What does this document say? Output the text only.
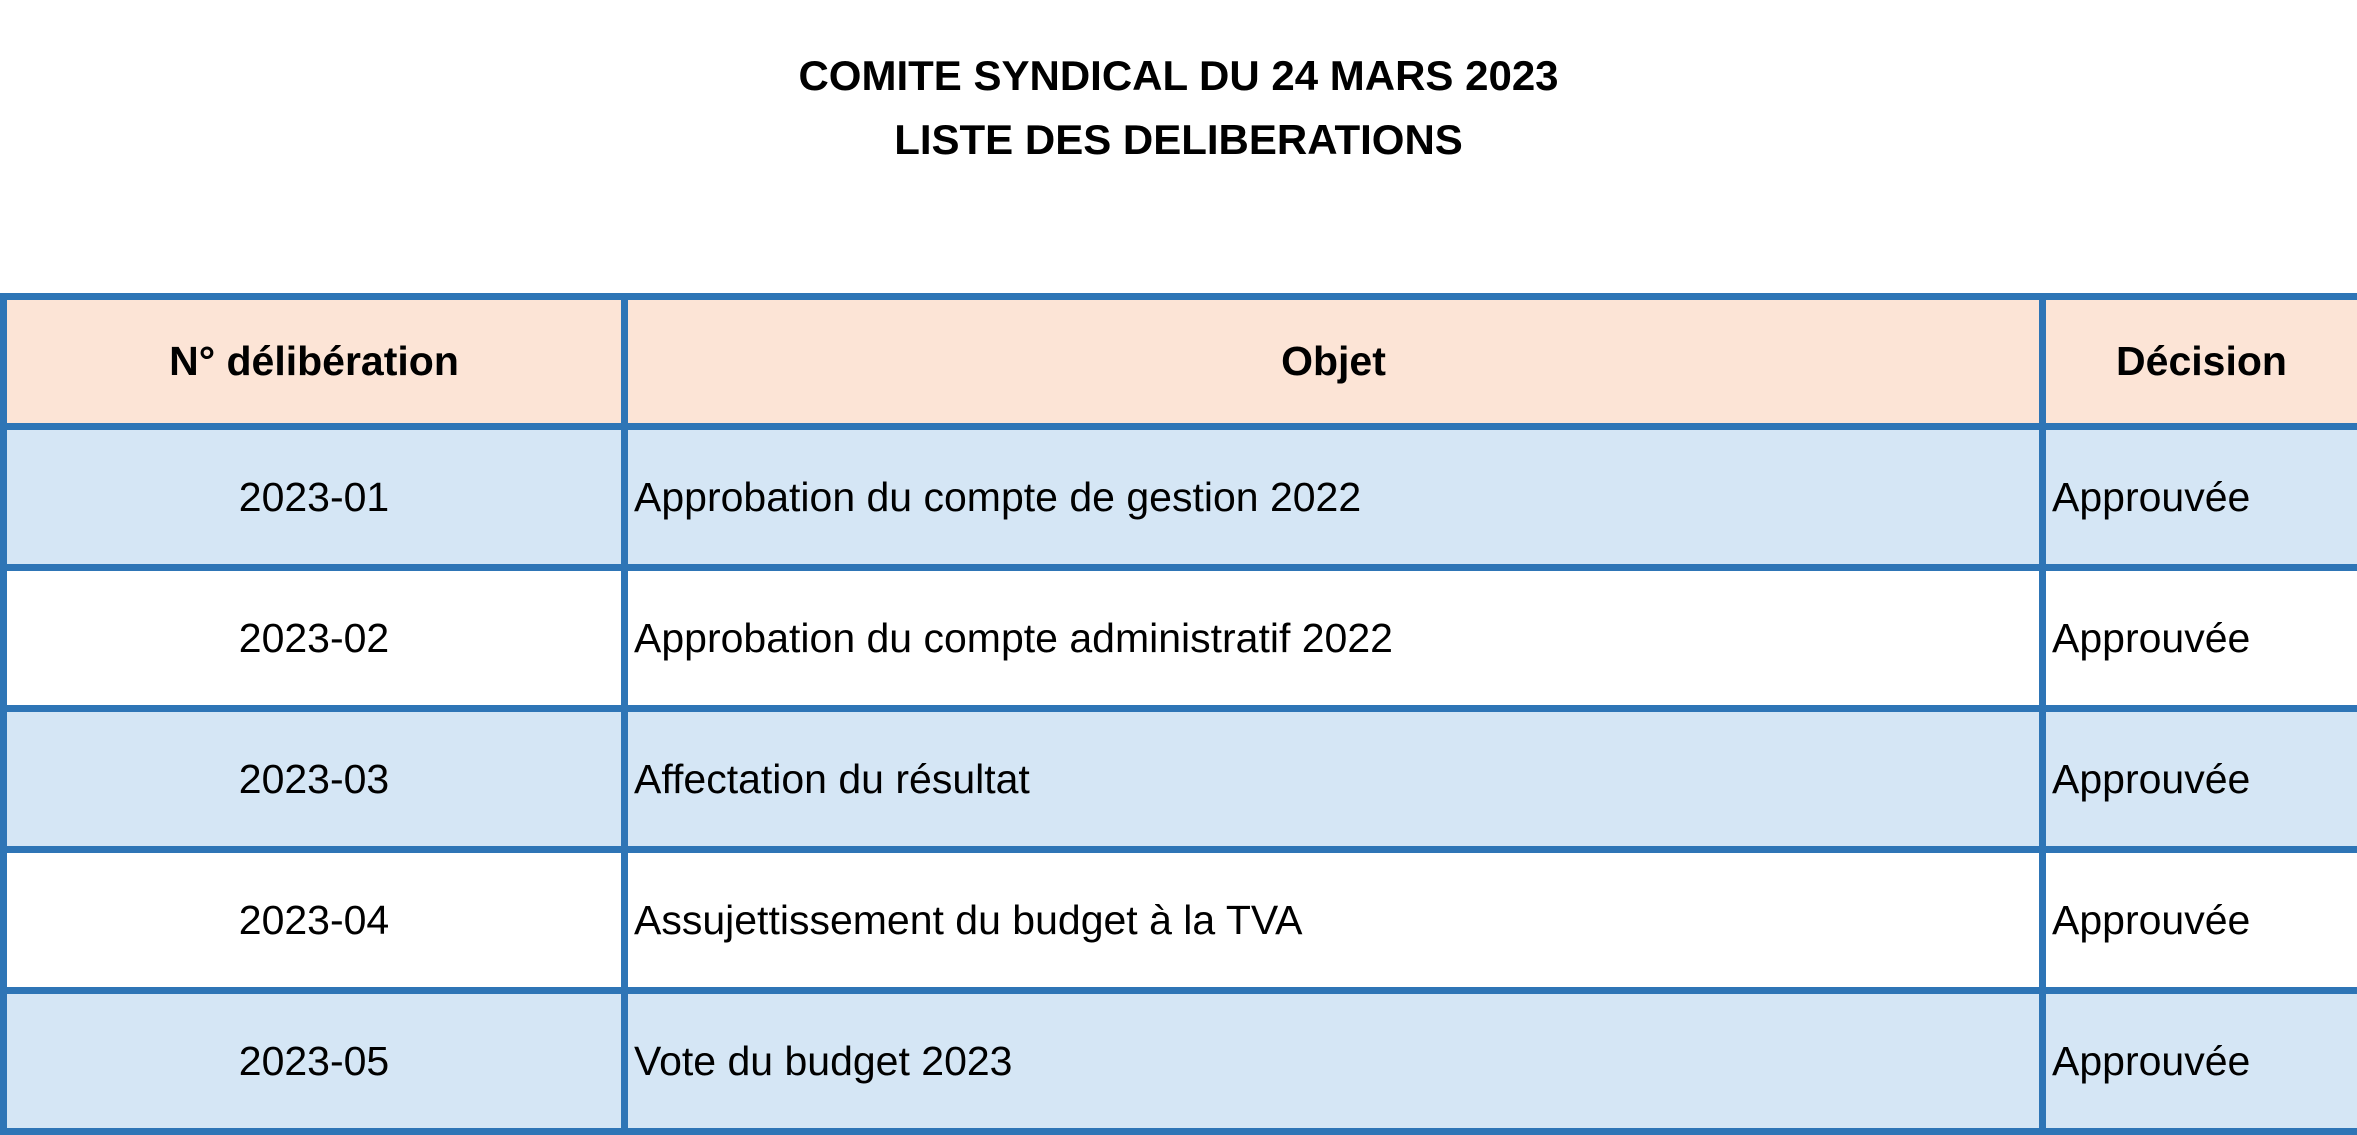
COMITE SYNDICAL DU 24 MARS 2023
LISTE DES DELIBERATIONS
N° délibération	Objet	Décision
2023-01	Approbation du compte de gestion 2022	Approuvée
2023-02	Approbation du compte administratif 2022	Approuvée
2023-03	Affectation du résultat	Approuvée
2023-04	Assujettissement du budget à la TVA	Approuvée
2023-05	Vote du budget 2023	Approuvée
